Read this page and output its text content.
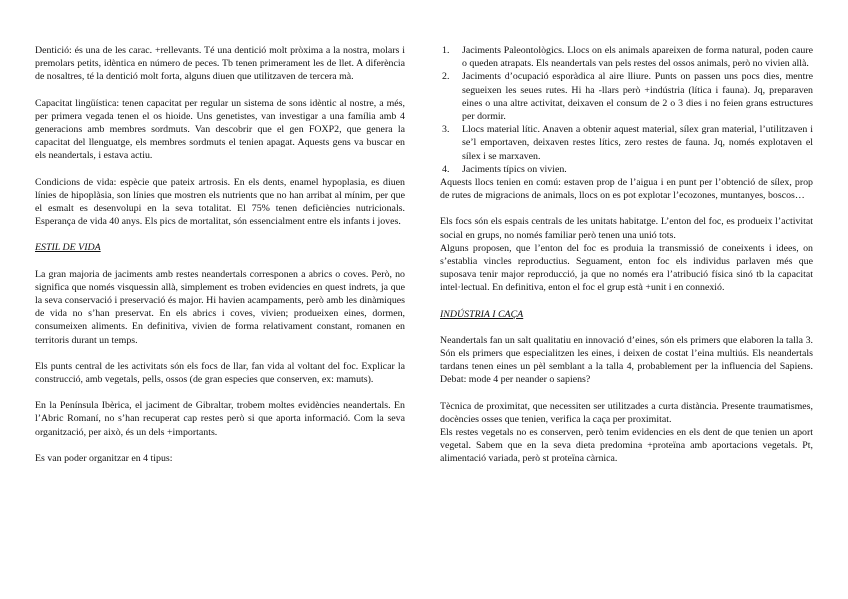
Dentició: és una de les carac. +rellevants. Té una dentició molt pròxima a la nostra, molars i premolars petits, idèntica en número de peces. Tb tenen primerament les de llet. A diferència de nosaltres, té la dentició molt forta, alguns diuen que utilitzaven de tercera mà.

Capacitat lingüística: tenen capacitat per regular un sistema de sons idèntic al nostre, a més, per primera vegada tenen el os hioide. Uns genetistes, van investigar a una família amb 4 generacions amb membres sordmuts. Van descobrir que el gen FOXP2, que genera la capacitat del llenguatge, els membres sordmuts el tenien apagat. Aquests gens va buscar en els neandertals, i estava actiu.

Condicions de vida: espècie que pateix artrosis. En els dents, enamel hypoplasia, es diuen línies de hipoplàsia, son línies que mostren els nutrients que no han arribat al mínim, per que el esmalt es desenvolupi en la seva totalitat. El 75% tenen deficiències nutricionals. Esperança de vida 40 anys. Els pics de mortalitat, són essencialment entre els infants i joves.

ESTIL DE VIDA

La gran majoria de jaciments amb restes neandertals corresponen a abrics o coves. Però, no significa que només visquessin allà, simplement es troben evidencies en quest indrets, ja que la seva conservació i preservació és major. Hi havien acampaments, però amb les dinàmiques de vida no s’han preservat. En els abrics i coves, vivien; produeixen eines, dormen, consumeixen aliments. En definitiva, vivien de forma relativament constant, romanen en territoris durant un temps.

Els punts central de les activitats són els focs de llar, fan vida al voltant del foc. Explicar la construcció, amb vegetals, pells, ossos (de gran especies que conserven, ex: mamuts).

En la Península Ibèrica, el jaciment de Gibraltar, trobem moltes evidències neandertals. En l’Abric Romaní, no s’han recuperat cap restes però si que aporta informació. Com la seva organització, per això, és un dels +importants.

Es van poder organitzar en 4 tipus:

1. Jaciments Paleontològics. Llocs on els animals apareixen de forma natural, poden caure o queden atrapats. Els neandertals van pels restes del ossos animals, però no vivien allà.
2. Jaciments d’ocupació esporàdica al aire lliure. Punts on passen uns pocs dies, mentre segueixen les seues rutes. Hi ha -llars però +indústria (lítica i fauna). Jq, preparaven eines o una altre activitat, deixaven el consum de 2 o 3 dies i no feien grans estructures per dormir.
3. Llocs material lític. Anaven a obtenir aquest material, sílex gran material, l’utilitzaven i se’l emportaven, deixaven restes lítics, zero restes de fauna. Jq, només explotaven el sílex i se marxaven.
4. Jaciments típics on vivien.

Aquests llocs tenien en comú: estaven prop de l’aigua i en punt per l’obtenció de sílex, prop de rutes de migracions de animals, llocs on es pot explotar l’ecozones, muntanyes, boscos…

Els focs són els espais centrals de les unitats habitatge. L’enton del foc, es produeix l’activitat social en grups, no només familiar però tenen una unió tots.

Alguns proposen, que l’enton del foc es produia la transmissió de coneixents i idees, on s’establia vincles reproductius. Seguament, enton foc els individus parlaven més que suposava tenir major reproducció, ja que no només era l’atribució física sinó tb la capacitat intel·lectual. En definitiva, enton el foc el grup està +unit i en connexió.

INDÚSTRIA I CAÇA

Neandertals fan un salt qualitatiu en innovació d’eines, són els primers que elaboren la talla 3. Són els primers que especialitzen les eines, i deixen de costat l’eina multiús. Els neandertals tardans tenen eines un pèl semblant a la talla 4, probablement per la influencia del Sapiens. Debat: mode 4 per neander o sapiens?

Tècnica de proximitat, que necessiten ser utilitzades a curta distància. Presente traumatismes, docències osses que tenien, verifica la caça per proximitat.

Els restes vegetals no es conserven, però tenim evidencies en els dent de que tenien un aport vegetal. Sabem que en la seva dieta predomina +proteïna amb aportacions vegetals. Pt, alimentació variada, però st proteïna càrnica.
